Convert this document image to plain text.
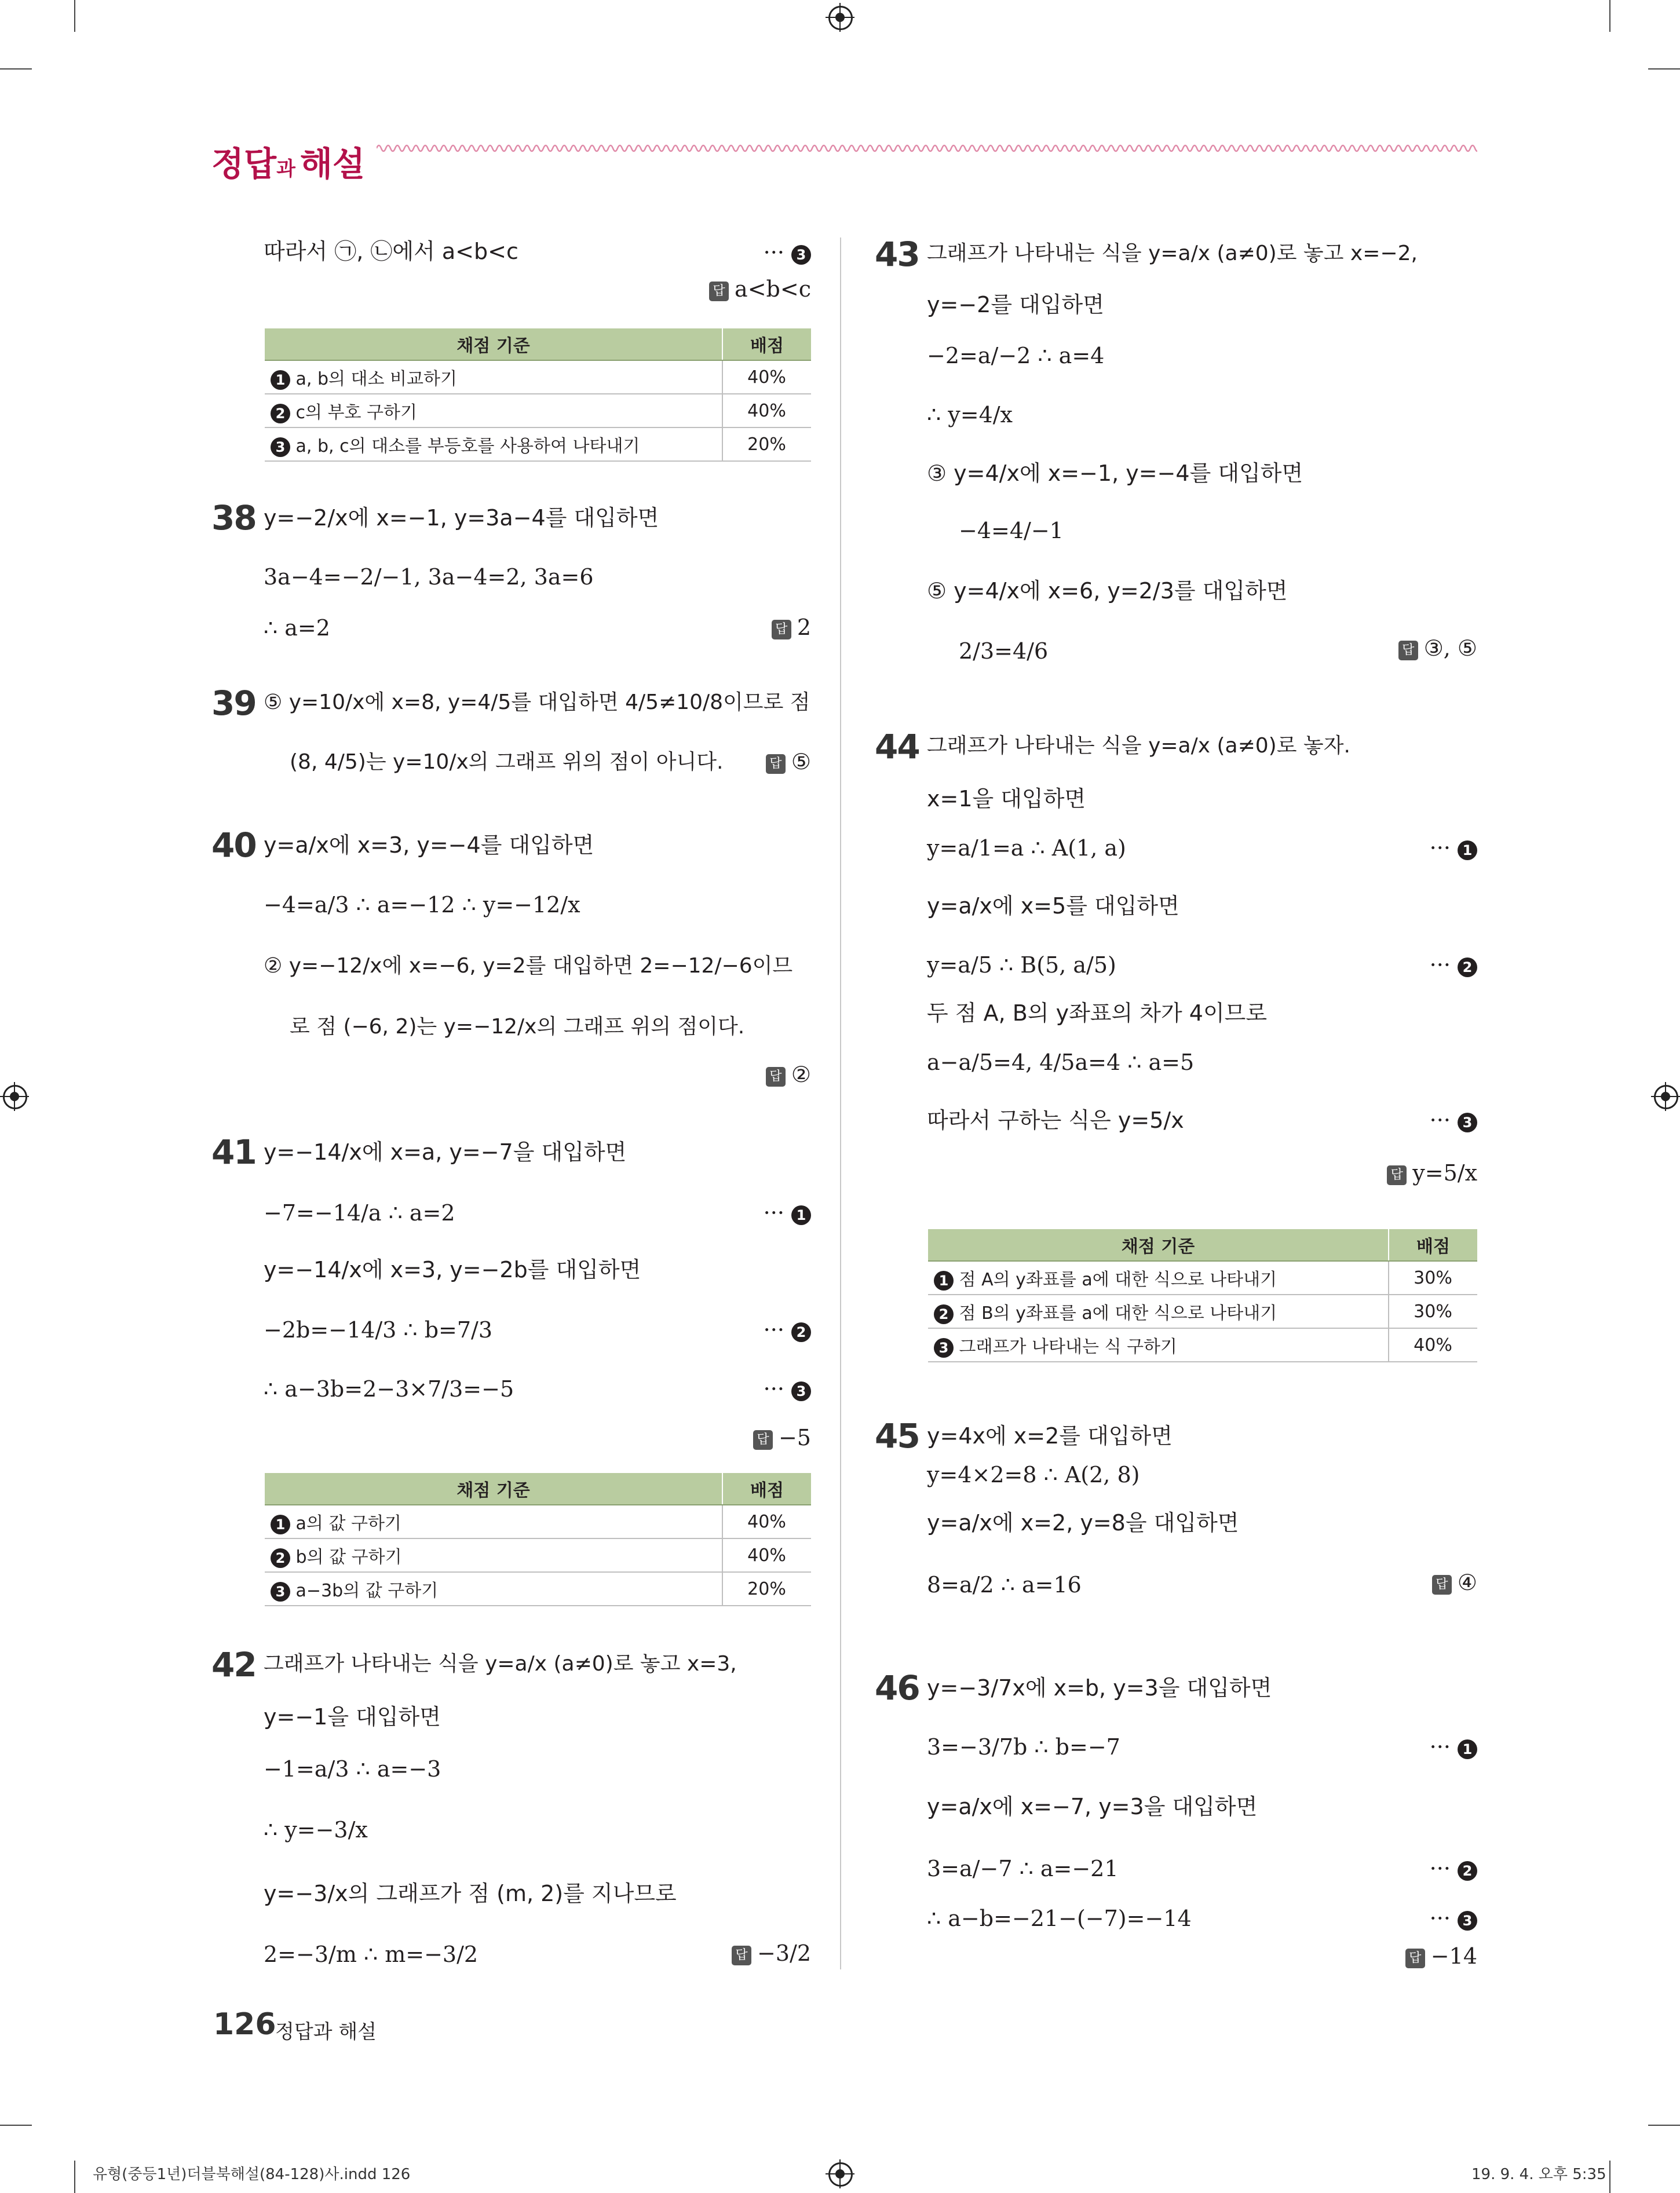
정답과 해설
따라서 ㉠, ㉡에서 a<b<c	··· 3
답 a<b<c
채점 기준	배점
1 a, b의 대소 비교하기	40%
2 c의 부호 구하기	40%
3 a, b, c의 대소를 부등호를 사용하여 나타내기	20%
38 y=−2/x에 x=−1, y=3a−4를 대입하면
3a−4=−2/−1, 3a−4=2, 3a=6
∴ a=2	답 2
39 ⑤ y=10/x에 x=8, y=4/5를 대입하면 4/5≠10/8이므로 점
(8, 4/5)는 y=10/x의 그래프 위의 점이 아니다.	답 ⑤
40 y=a/x에 x=3, y=−4를 대입하면
−4=a/3 ∴ a=−12 ∴ y=−12/x
② y=−12/x에 x=−6, y=2를 대입하면 2=−12/−6이므
로 점 (−6, 2)는 y=−12/x의 그래프 위의 점이다.
답 ②
41 y=−14/x에 x=a, y=−7을 대입하면
−7=−14/a ∴ a=2	··· 1
y=−14/x에 x=3, y=−2b를 대입하면
−2b=−14/3 ∴ b=7/3	··· 2
∴ a−3b=2−3×7/3=−5	··· 3
답 −5
채점 기준	배점
1 a의 값 구하기	40%
2 b의 값 구하기	40%
3 a−3b의 값 구하기	20%
42 그래프가 나타내는 식을 y=a/x (a≠0)로 놓고 x=3,
y=−1을 대입하면
−1=a/3 ∴ a=−3
∴ y=−3/x
y=−3/x의 그래프가 점 (m, 2)를 지나므로
2=−3/m ∴ m=−3/2	답 −3/2
43 그래프가 나타내는 식을 y=a/x (a≠0)로 놓고 x=−2,
y=−2를 대입하면
−2=a/−2 ∴ a=4
∴ y=4/x
③ y=4/x에 x=−1, y=−4를 대입하면
−4=4/−1
⑤ y=4/x에 x=6, y=2/3를 대입하면
2/3=4/6	답 ③, ⑤
44 그래프가 나타내는 식을 y=a/x (a≠0)로 놓자.
x=1을 대입하면
y=a/1=a ∴ A(1, a)	··· 1
y=a/x에 x=5를 대입하면
y=a/5 ∴ B(5, a/5)	··· 2
두 점 A, B의 y좌표의 차가 4이므로
a−a/5=4, 4/5a=4 ∴ a=5
따라서 구하는 식은 y=5/x	··· 3
답 y=5/x
채점 기준	배점
1 점 A의 y좌표를 a에 대한 식으로 나타내기	30%
2 점 B의 y좌표를 a에 대한 식으로 나타내기	30%
3 그래프가 나타내는 식 구하기	40%
45 y=4x에 x=2를 대입하면
y=4×2=8 ∴ A(2, 8)
y=a/x에 x=2, y=8을 대입하면
8=a/2 ∴ a=16	답 ④
46 y=−3/7x에 x=b, y=3을 대입하면
3=−3/7b ∴ b=−7	··· 1
y=a/x에 x=−7, y=3을 대입하면
3=a/−7 ∴ a=−21	··· 2
∴ a−b=−21−(−7)=−14	··· 3
답 −14
126
정답과 해설
유형(중등1년)더블북해설(84-128)사.indd 126	19. 9. 4. 오후 5:35
